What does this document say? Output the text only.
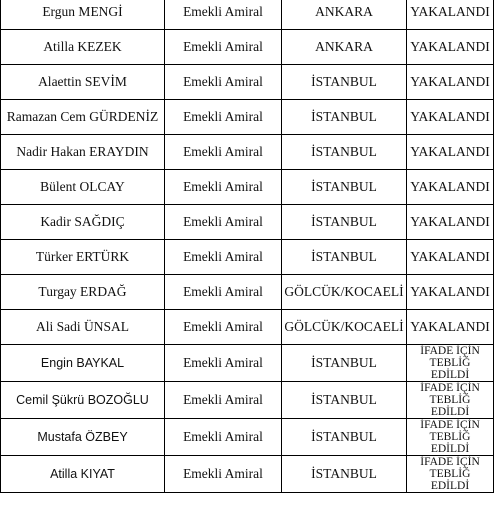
Ergun MENGİ	Emekli Amiral	ANKARA	YAKALANDI
Atilla KEZEK	Emekli Amiral	ANKARA	YAKALANDI
Alaettin SEVİM	Emekli Amiral	İSTANBUL	YAKALANDI
Ramazan Cem GÜRDENİZ	Emekli Amiral	İSTANBUL	YAKALANDI
Nadir Hakan ERAYDIN	Emekli Amiral	İSTANBUL	YAKALANDI
Bülent OLCAY	Emekli Amiral	İSTANBUL	YAKALANDI
Kadir SAĞDIÇ	Emekli Amiral	İSTANBUL	YAKALANDI
Türker ERTÜRK	Emekli Amiral	İSTANBUL	YAKALANDI
Turgay ERDAĞ	Emekli Amiral	GÖLCÜK/KOCAELİ	YAKALANDI
Ali Sadi ÜNSAL	Emekli Amiral	GÖLCÜK/KOCAELİ	YAKALANDI
Engin BAYKAL	Emekli Amiral	İSTANBUL	İFADE İÇİN
TEBLİĞ
EDİLDİ
Cemil Şükrü BOZOĞLU	Emekli Amiral	İSTANBUL	İFADE İÇİN
TEBLİĞ
EDİLDİ
Mustafa ÖZBEY	Emekli Amiral	İSTANBUL	İFADE İÇİN
TEBLİĞ
EDİLDİ
Atilla KIYAT	Emekli Amiral	İSTANBUL	İFADE İÇİN
TEBLİĞ
EDİLDİ
